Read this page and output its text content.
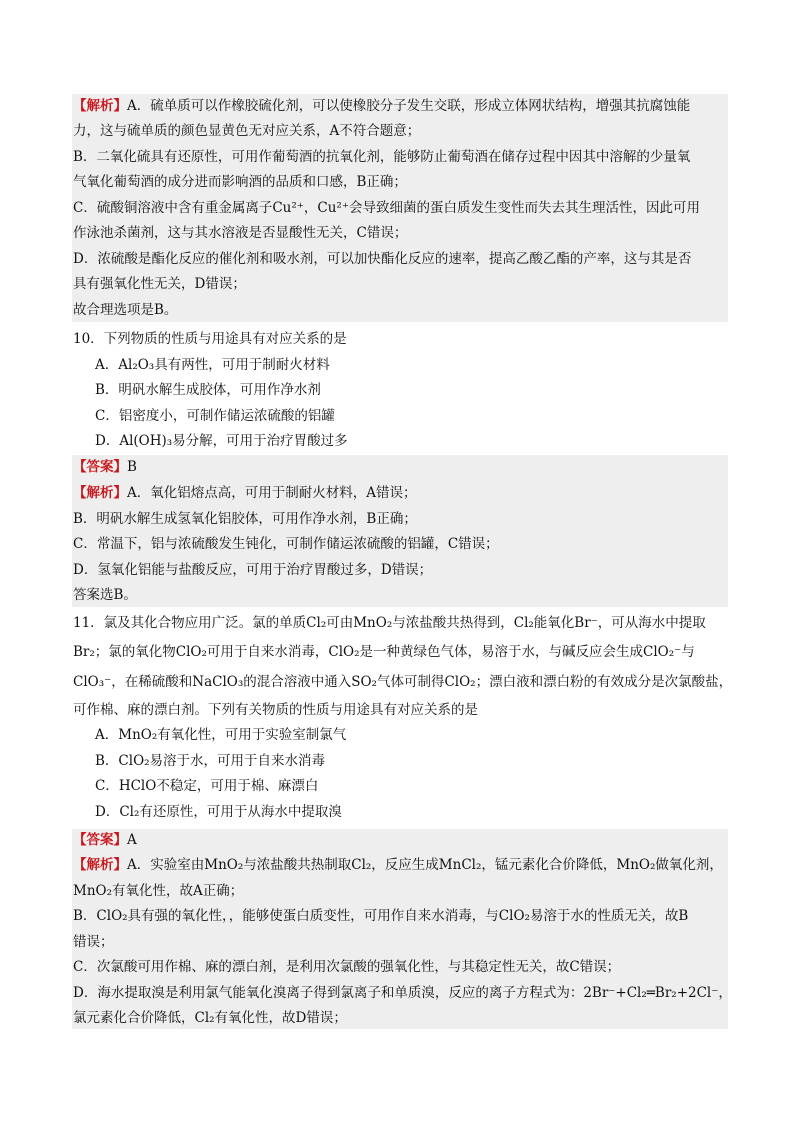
【解析】A．硫单质可以作橡胶硫化剂，可以使橡胶分子发生交联，形成立体网状结构，增强其抗腐蚀能
力，这与硫单质的颜色显黄色无对应关系，A不符合题意；
B．二氧化硫具有还原性，可用作葡萄酒的抗氧化剂，能够防止葡萄酒在储存过程中因其中溶解的少量氧
气氧化葡萄酒的成分进而影响酒的品质和口感，B正确；
C．硫酸铜溶液中含有重金属离子Cu²⁺，Cu²⁺会导致细菌的蛋白质发生变性而失去其生理活性，因此可用
作泳池杀菌剂，这与其水溶液是否显酸性无关，C错误；
D．浓硫酸是酯化反应的催化剂和吸水剂，可以加快酯化反应的速率，提高乙酸乙酯的产率，这与其是否
具有强氧化性无关，D错误；
故合理选项是B。
10．下列物质的性质与用途具有对应关系的是
A．Al₂O₃具有两性，可用于制耐火材料
B．明矾水解生成胶体，可用作净水剂
C．铝密度小，可制作储运浓硫酸的铝罐
D．Al(OH)₃易分解，可用于治疗胃酸过多
【答案】B
【解析】A．氧化铝熔点高，可用于制耐火材料，A错误；
B．明矾水解生成氢氧化铝胶体，可用作净水剂，B正确；
C．常温下，铝与浓硫酸发生钝化，可制作储运浓硫酸的铝罐，C错误；
D．氢氧化铝能与盐酸反应，可用于治疗胃酸过多，D错误；
答案选B。
11．氯及其化合物应用广泛。氯的单质Cl₂可由MnO₂与浓盐酸共热得到，Cl₂能氧化Br⁻，可从海水中提取
Br₂；氯的氧化物ClO₂可用于自来水消毒，ClO₂是一种黄绿色气体，易溶于水，与碱反应会生成ClO₂⁻与
ClO₃⁻，在稀硫酸和NaClO₃的混合溶液中通入SO₂气体可制得ClO₂；漂白液和漂白粉的有效成分是次氯酸盐，
可作棉、麻的漂白剂。下列有关物质的性质与用途具有对应关系的是
A．MnO₂有氧化性，可用于实验室制氯气
B．ClO₂易溶于水，可用于自来水消毒
C．HClO不稳定，可用于棉、麻漂白
D．Cl₂有还原性，可用于从海水中提取溴
【答案】A
【解析】A．实验室由MnO₂与浓盐酸共热制取Cl₂，反应生成MnCl₂，锰元素化合价降低，MnO₂做氧化剂，
MnO₂有氧化性，故A正确；
B．ClO₂具有强的氧化性，，能够使蛋白质变性，可用作自来水消毒，与ClO₂易溶于水的性质无关，故B
错误；
C．次氯酸可用作棉、麻的漂白剂，是利用次氯酸的强氧化性，与其稳定性无关，故C错误；
D．海水提取溴是利用氯气能氧化溴离子得到氯离子和单质溴，反应的离子方程式为：2Br⁻+Cl₂═Br₂+2Cl⁻，
氯元素化合价降低，Cl₂有氧化性，故D错误；
